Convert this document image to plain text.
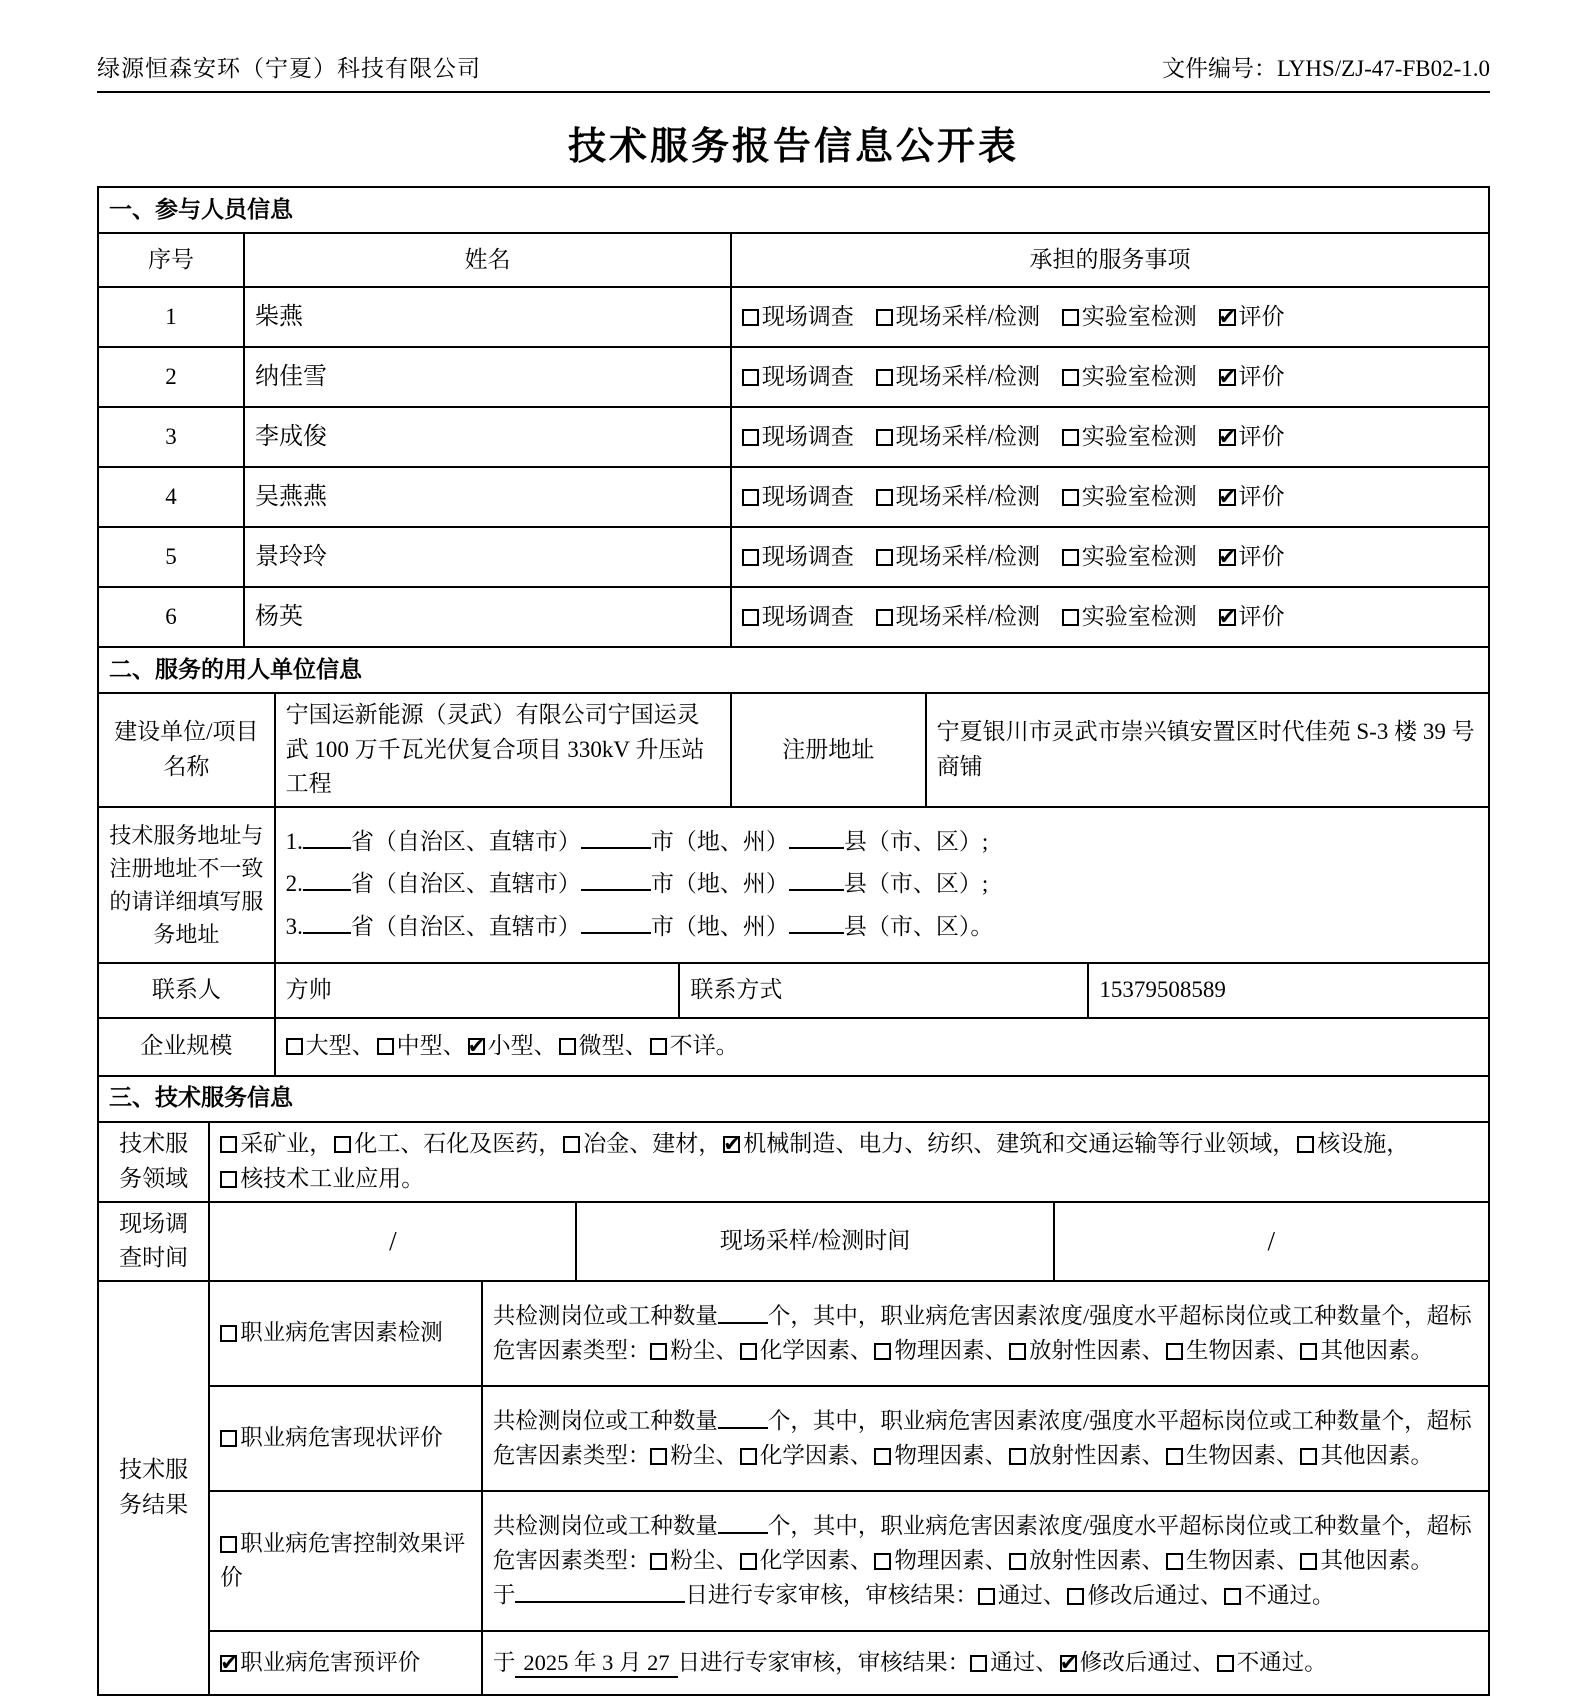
绿源恒森安环（宁夏）科技有限公司	文件编号：LYHS/ZJ-47-FB02-1.0
技术服务报告信息公开表
一、参与人员信息		
序号	姓名	承担的服务事项
1	柴燕	现场调查 现场采样/检测 实验室检测 ✔ 评价
2	纳佳雪	现场调查 现场采样/检测 实验室检测 ✔ 评价
3	李成俊	现场调查 现场采样/检测 实验室检测 ✔ 评价
4	吴燕燕	现场调查 现场采样/检测 实验室检测 ✔ 评价
5	景玲玲	现场调查 现场采样/检测 实验室检测 ✔ 评价
6	杨英	现场调查 现场采样/检测 实验室检测 ✔ 评价
二、服务的用人单位信息
建设单位/项目名称	宁国运新能源（灵武）有限公司宁国运灵武 100 万千瓦光伏复合项目 330kV 升压站工程	注册地址	宁夏银川市灵武市崇兴镇安置区时代佳苑 S-3 楼 39 号商铺
技术服务地址与注册地址不一致的请详细填写服务地址	
1. 省（自治区、直辖市）	市（地、州） 县（市、区）;
2. 省（自治区、直辖市）	市（地、州） 县（市、区）;
3. 省（自治区、直辖市）	市（地、州） 县（市、区）。
联系人	方帅	联系方式	15379508589
企业规模	大型、 中型、 ✔ 小型、 微型、 不详。
三、技术服务信息
技术服务领域	采矿业， 化工、石化及医药， 冶金、建材， ✔ 机械制造、电力、纺织、建筑和交通运输等行业领域， 核设施，核技术工业应用。
现场调查时间	/	现场采样/检测时间	/
技术服务结果	职业病危害因素检测	共检测岗位或工种数量 个，其中，职业病危害因素浓度/强度水平超标岗位或工种数量个，超标危害因素类型： 粉尘、 化学因素、 物理因素、 放射性因素、 生物因素、 其他因素。
	职业病危害现状评价	共检测岗位或工种数量 个，其中，职业病危害因素浓度/强度水平超标岗位或工种数量个，超标危害因素类型： 粉尘、 化学因素、 物理因素、 放射性因素、 生物因素、 其他因素。
	职业病危害控制效果评价	共检测岗位或工种数量 个，其中，职业病危害因素浓度/强度水平超标岗位或工种数量个，超标危害因素类型： 粉尘、 化学因素、 物理因素、 放射性因素、 生物因素、 其他因素。
于 日进行专家审核，审核结果： 通过、 修改后通过、 不通过。

✔职业病危害预评价	于 2025 年 3 月 27 日进行专家审核，审核结果： 通过、 ✔ 修改后通过、 不通过。
